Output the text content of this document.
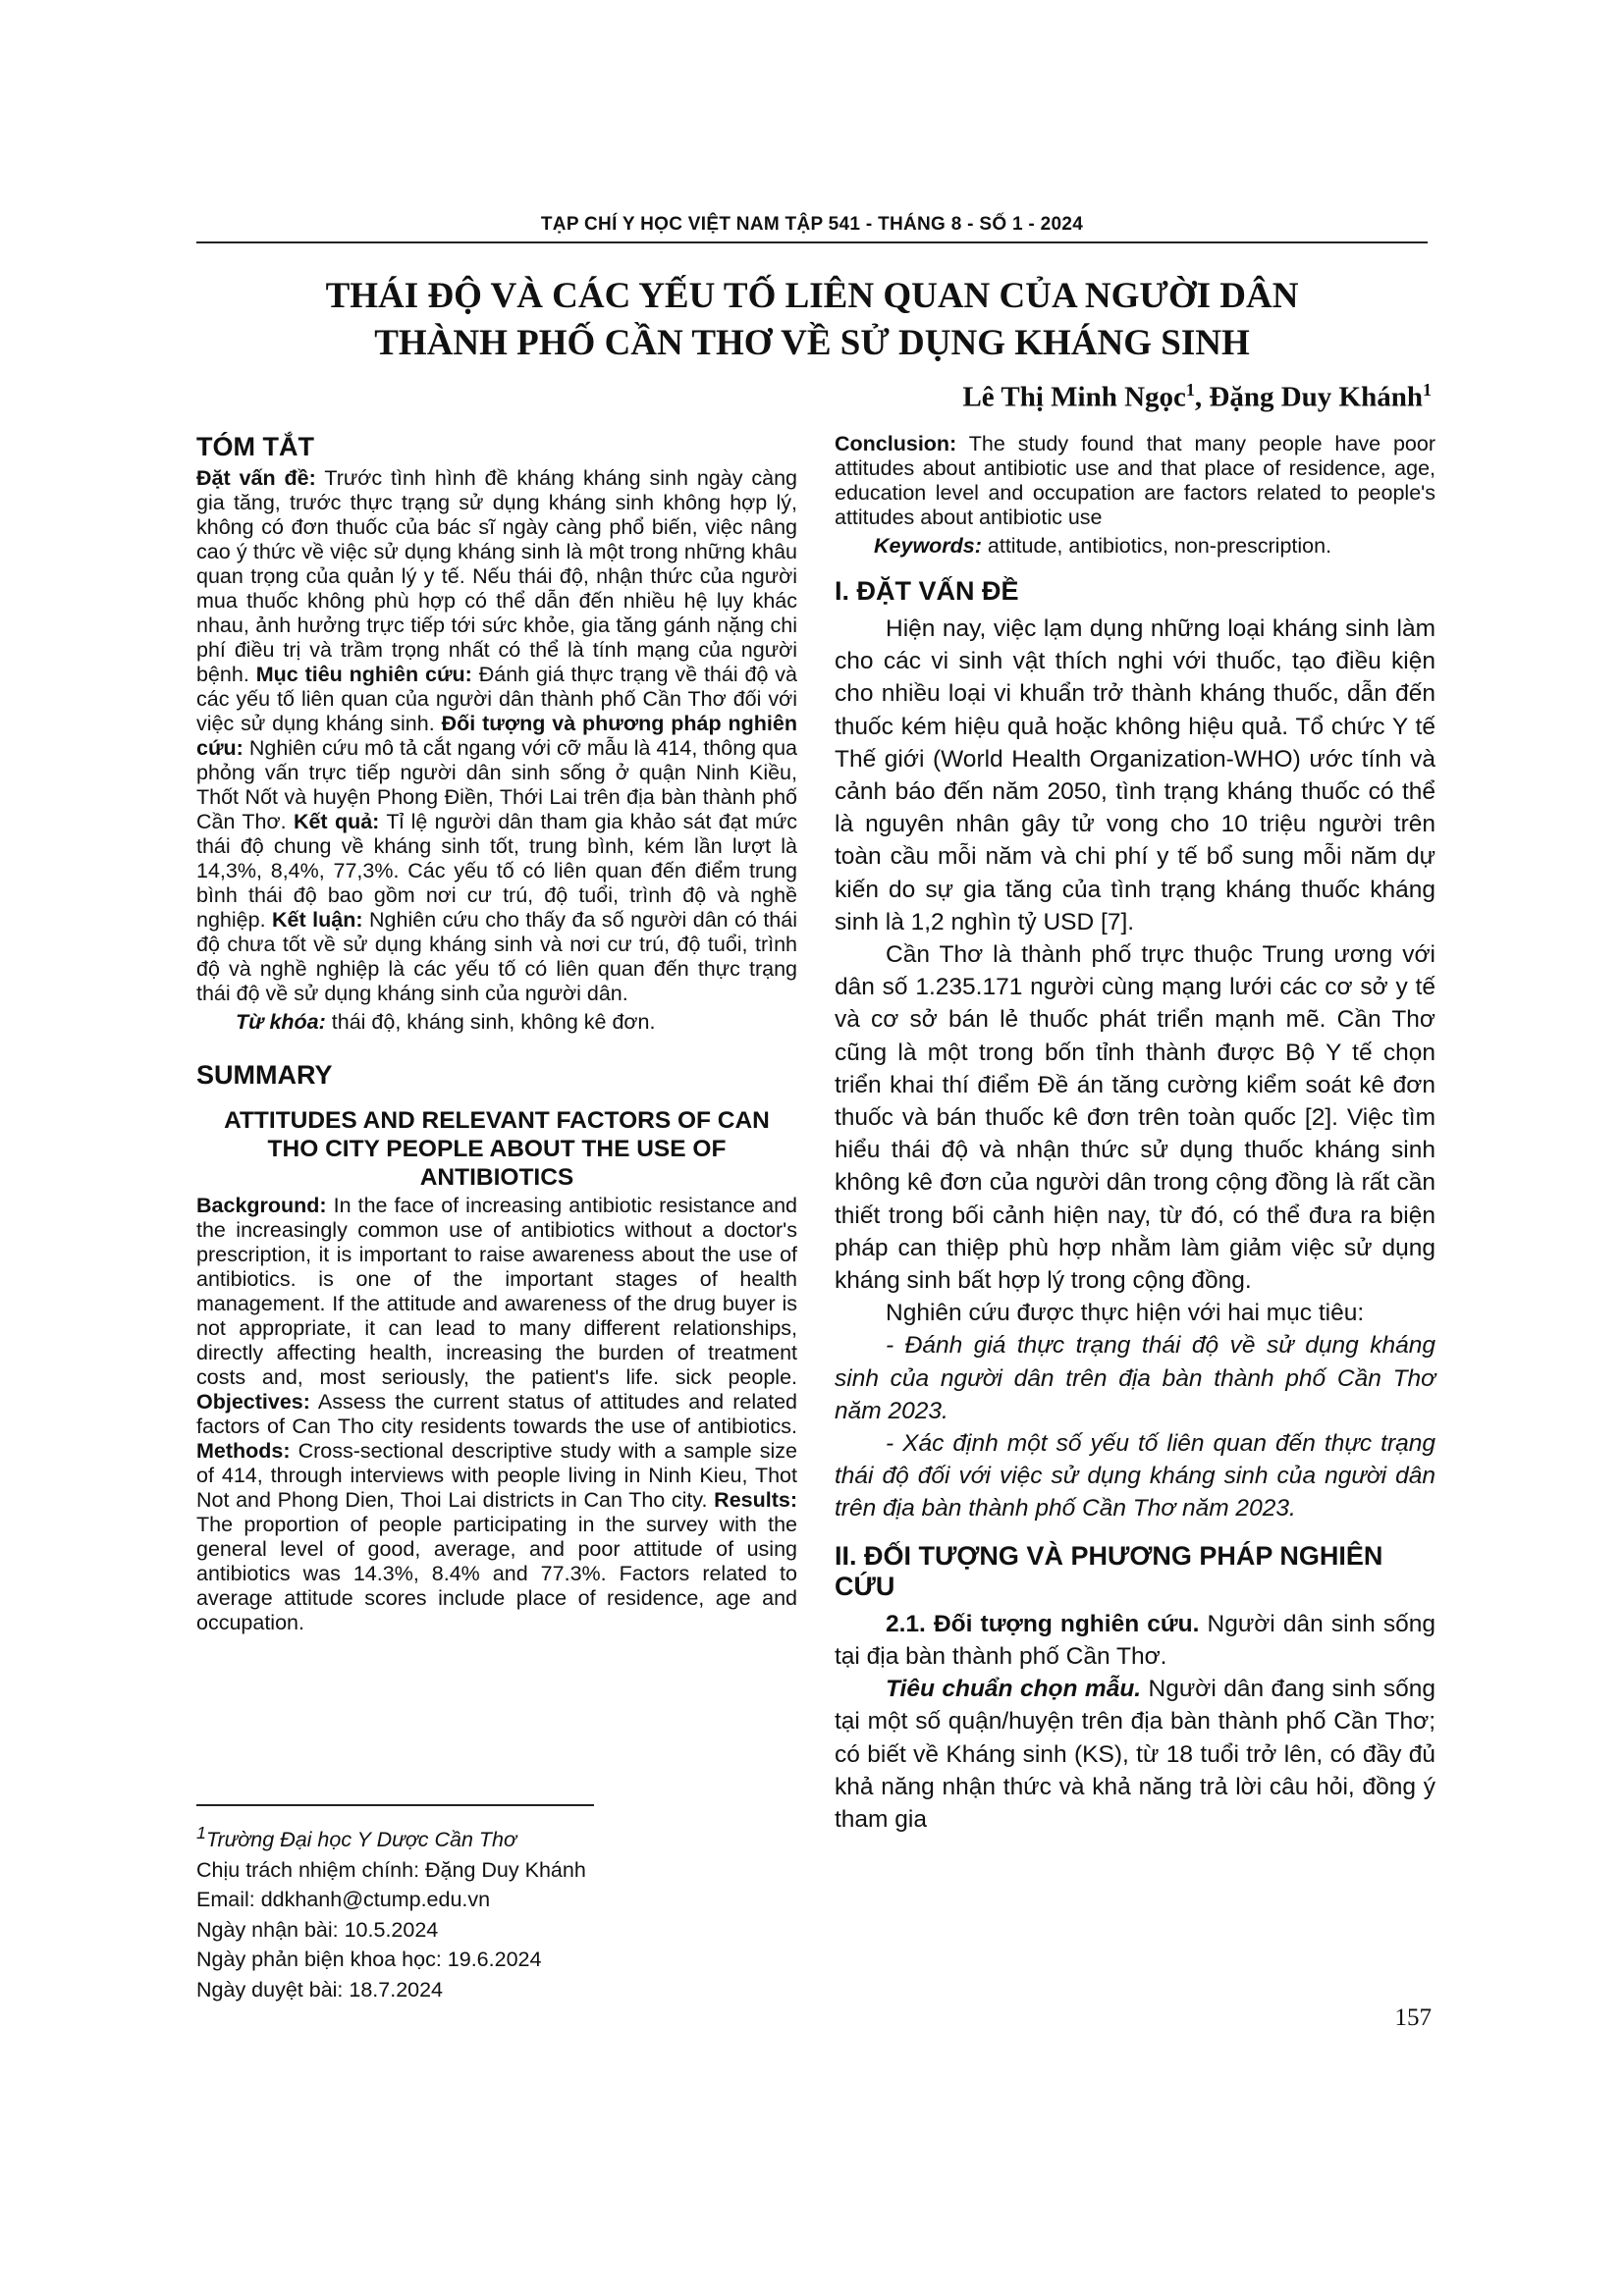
TẠP CHÍ Y HỌC VIỆT NAM TẬP 541 - THÁNG 8 - SỐ 1 - 2024
THÁI ĐỘ VÀ CÁC YẾU TỐ LIÊN QUAN CỦA NGƯỜI DÂN
THÀNH PHỐ CẦN THƠ VỀ SỬ DỤNG KHÁNG SINH
Lê Thị Minh Ngọc$^1$, Đặng Duy Khánh$^1$
TÓM TẮT

Đặt vấn đề: Trước tình hình đề kháng kháng sinh ngày càng gia tăng, trước thực trạng sử dụng kháng sinh không hợp lý, không có đơn thuốc của bác sĩ ngày càng phổ biến, việc nâng cao ý thức về việc sử dụng kháng sinh là một trong những khâu quan trọng của quản lý y tế. Nếu thái độ, nhận thức của người mua thuốc không phù hợp có thể dẫn đến nhiều hệ lụy khác nhau, ảnh hưởng trực tiếp tới sức khỏe, gia tăng gánh nặng chi phí điều trị và trầm trọng nhất có thể là tính mạng của người bệnh. Mục tiêu nghiên cứu: Đánh giá thực trạng về thái độ và các yếu tố liên quan của người dân thành phố Cần Thơ đối với việc sử dụng kháng sinh. Đối tượng và phương pháp nghiên cứu: Nghiên cứu mô tả cắt ngang với cỡ mẫu là 414, thông qua phỏng vấn trực tiếp người dân sinh sống ở quận Ninh Kiều, Thốt Nốt và huyện Phong Điền, Thới Lai trên địa bàn thành phố Cần Thơ. Kết quả: Tỉ lệ người dân tham gia khảo sát đạt mức thái độ chung về kháng sinh tốt, trung bình, kém lần lượt là 14,3%, 8,4%, 77,3%. Các yếu tố có liên quan đến điểm trung bình thái độ bao gồm nơi cư trú, độ tuổi, trình độ và nghề nghiệp. Kết luận: Nghiên cứu cho thấy đa số người dân có thái độ chưa tốt về sử dụng kháng sinh và nơi cư trú, độ tuổi, trình độ và nghề nghiệp là các yếu tố có liên quan đến thực trạng thái độ về sử dụng kháng sinh của người dân.

Từ khóa: thái độ, kháng sinh, không kê đơn.

SUMMARY
ATTITUDES AND RELEVANT FACTORS OF CAN THO CITY PEOPLE ABOUT THE USE OF ANTIBIOTICS

Background: In the face of increasing antibiotic resistance and the increasingly common use of antibiotics without a doctor's prescription, it is important to raise awareness about the use of antibiotics. is one of the important stages of health management. If the attitude and awareness of the drug buyer is not appropriate, it can lead to many different relationships, directly affecting health, increasing the burden of treatment costs and, most seriously, the patient's life. sick people. Objectives: Assess the current status of attitudes and related factors of Can Tho city residents towards the use of antibiotics. Methods: Cross-sectional descriptive study with a sample size of 414, through interviews with people living in Ninh Kieu, Thot Not and Phong Dien, Thoi Lai districts in Can Tho city. Results: The proportion of people participating in the survey with the general level of good, average, and poor attitude of using antibiotics was 14.3%, 8.4% and 77.3%. Factors related to average attitude scores include place of residence, age and occupation.

Conclusion: The study found that many people have poor attitudes about antibiotic use and that place of residence, age, education level and occupation are factors related to people's attitudes about antibiotic use

Keywords: attitude, antibiotics, non-prescription.

I. ĐẶT VẤN ĐỀ

Hiện nay, việc lạm dụng những loại kháng sinh làm cho các vi sinh vật thích nghi với thuốc, tạo điều kiện cho nhiều loại vi khuẩn trở thành kháng thuốc, dẫn đến thuốc kém hiệu quả hoặc không hiệu quả. Tổ chức Y tế Thế giới (World Health Organization-WHO) ước tính và cảnh báo đến năm 2050, tình trạng kháng thuốc có thể là nguyên nhân gây tử vong cho 10 triệu người trên toàn cầu mỗi năm và chi phí y tế bổ sung mỗi năm dự kiến do sự gia tăng của tình trạng kháng thuốc kháng sinh là 1,2 nghìn tỷ USD [7].

Cần Thơ là thành phố trực thuộc Trung ương với dân số 1.235.171 người cùng mạng lưới các cơ sở y tế và cơ sở bán lẻ thuốc phát triển mạnh mẽ. Cần Thơ cũng là một trong bốn tỉnh thành được Bộ Y tế chọn triển khai thí điểm Đề án tăng cường kiểm soát kê đơn thuốc và bán thuốc kê đơn trên toàn quốc [2]. Việc tìm hiểu thái độ và nhận thức sử dụng thuốc kháng sinh không kê đơn của người dân trong cộng đồng là rất cần thiết trong bối cảnh hiện nay, từ đó, có thể đưa ra biện pháp can thiệp phù hợp nhằm làm giảm việc sử dụng kháng sinh bất hợp lý trong cộng đồng.

Nghiên cứu được thực hiện với hai mục tiêu:

- Đánh giá thực trạng thái độ về sử dụng kháng sinh của người dân trên địa bàn thành phố Cần Thơ năm 2023.

- Xác định một số yếu tố liên quan đến thực trạng thái độ đối với việc sử dụng kháng sinh của người dân trên địa bàn thành phố Cần Thơ năm 2023.

II. ĐỐI TƯỢNG VÀ PHƯƠNG PHÁP NGHIÊN CỨU

2.1. Đối tượng nghiên cứu. Người dân sinh sống tại địa bàn thành phố Cần Thơ.

Tiêu chuẩn chọn mẫu. Người dân đang sinh sống tại một số quận/huyện trên địa bàn thành phố Cần Thơ; có biết về Kháng sinh (KS), từ 18 tuổi trở lên, có đầy đủ khả năng nhận thức và khả năng trả lời câu hỏi, đồng ý tham gia

$^1$Trường Đại học Y Dược Cần Thơ
Chịu trách nhiệm chính: Đặng Duy Khánh
Email: ddkhanh@ctump.edu.vn
Ngày nhận bài: 10.5.2024
Ngày phản biện khoa học: 19.6.2024
Ngày duyệt bài: 18.7.2024
157
